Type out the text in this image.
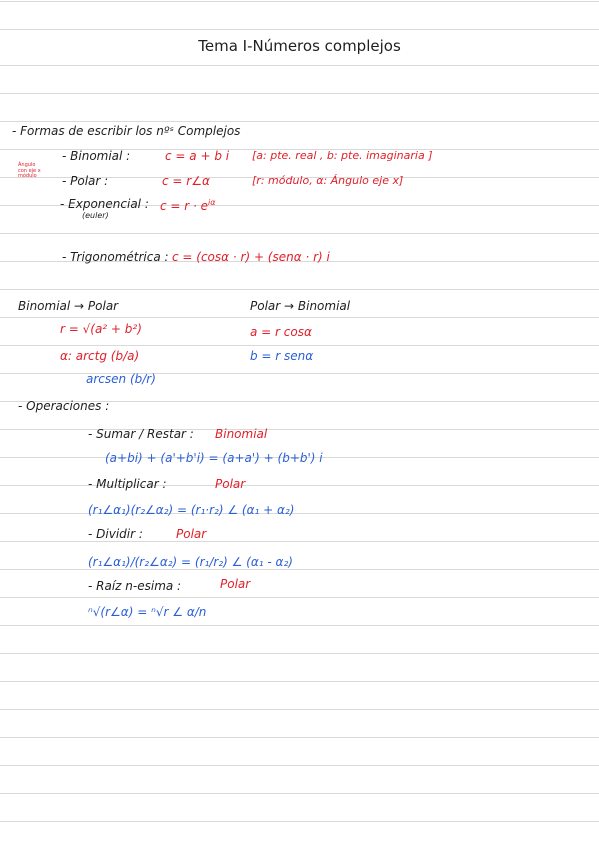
Tema I-Números complejos
- Formas de escribir los nºˢ Complejos
Ángulo con eje x módulo
- Binomial :	c = a + b i [a: pte. real , b: pte. imaginaria ]
- Polar :	c = r∠α	[r: módulo, α: Ángulo eje x]
- Exponencial :
(euler)
$c = r \cdot e^{i\alpha}$
- Trigonométrica : c = (cosα · r) + (senα · r) i
Binomial → Polar
r = √(a² + b²)
α: arctg (b/a)
arcsen (b/r)
Polar → Binomial
a = r cosα
b = r senα
- Operaciones :
- Sumar / Restar : Binomial
(a+bi) + (a'+b'i) = (a+a') + (b+b') i
- Multiplicar :	Polar
(r₁∠α₁)(r₂∠α₂) = (r₁·r₂) ∠ (α₁ + α₂)
- Dividir :	Polar
(r₁∠α₁)/(r₂∠α₂) = (r₁/r₂) ∠ (α₁ - α₂)
- Raíz n-esima :	Polar
ⁿ√(r∠α) = ⁿ√r ∠ α/n
